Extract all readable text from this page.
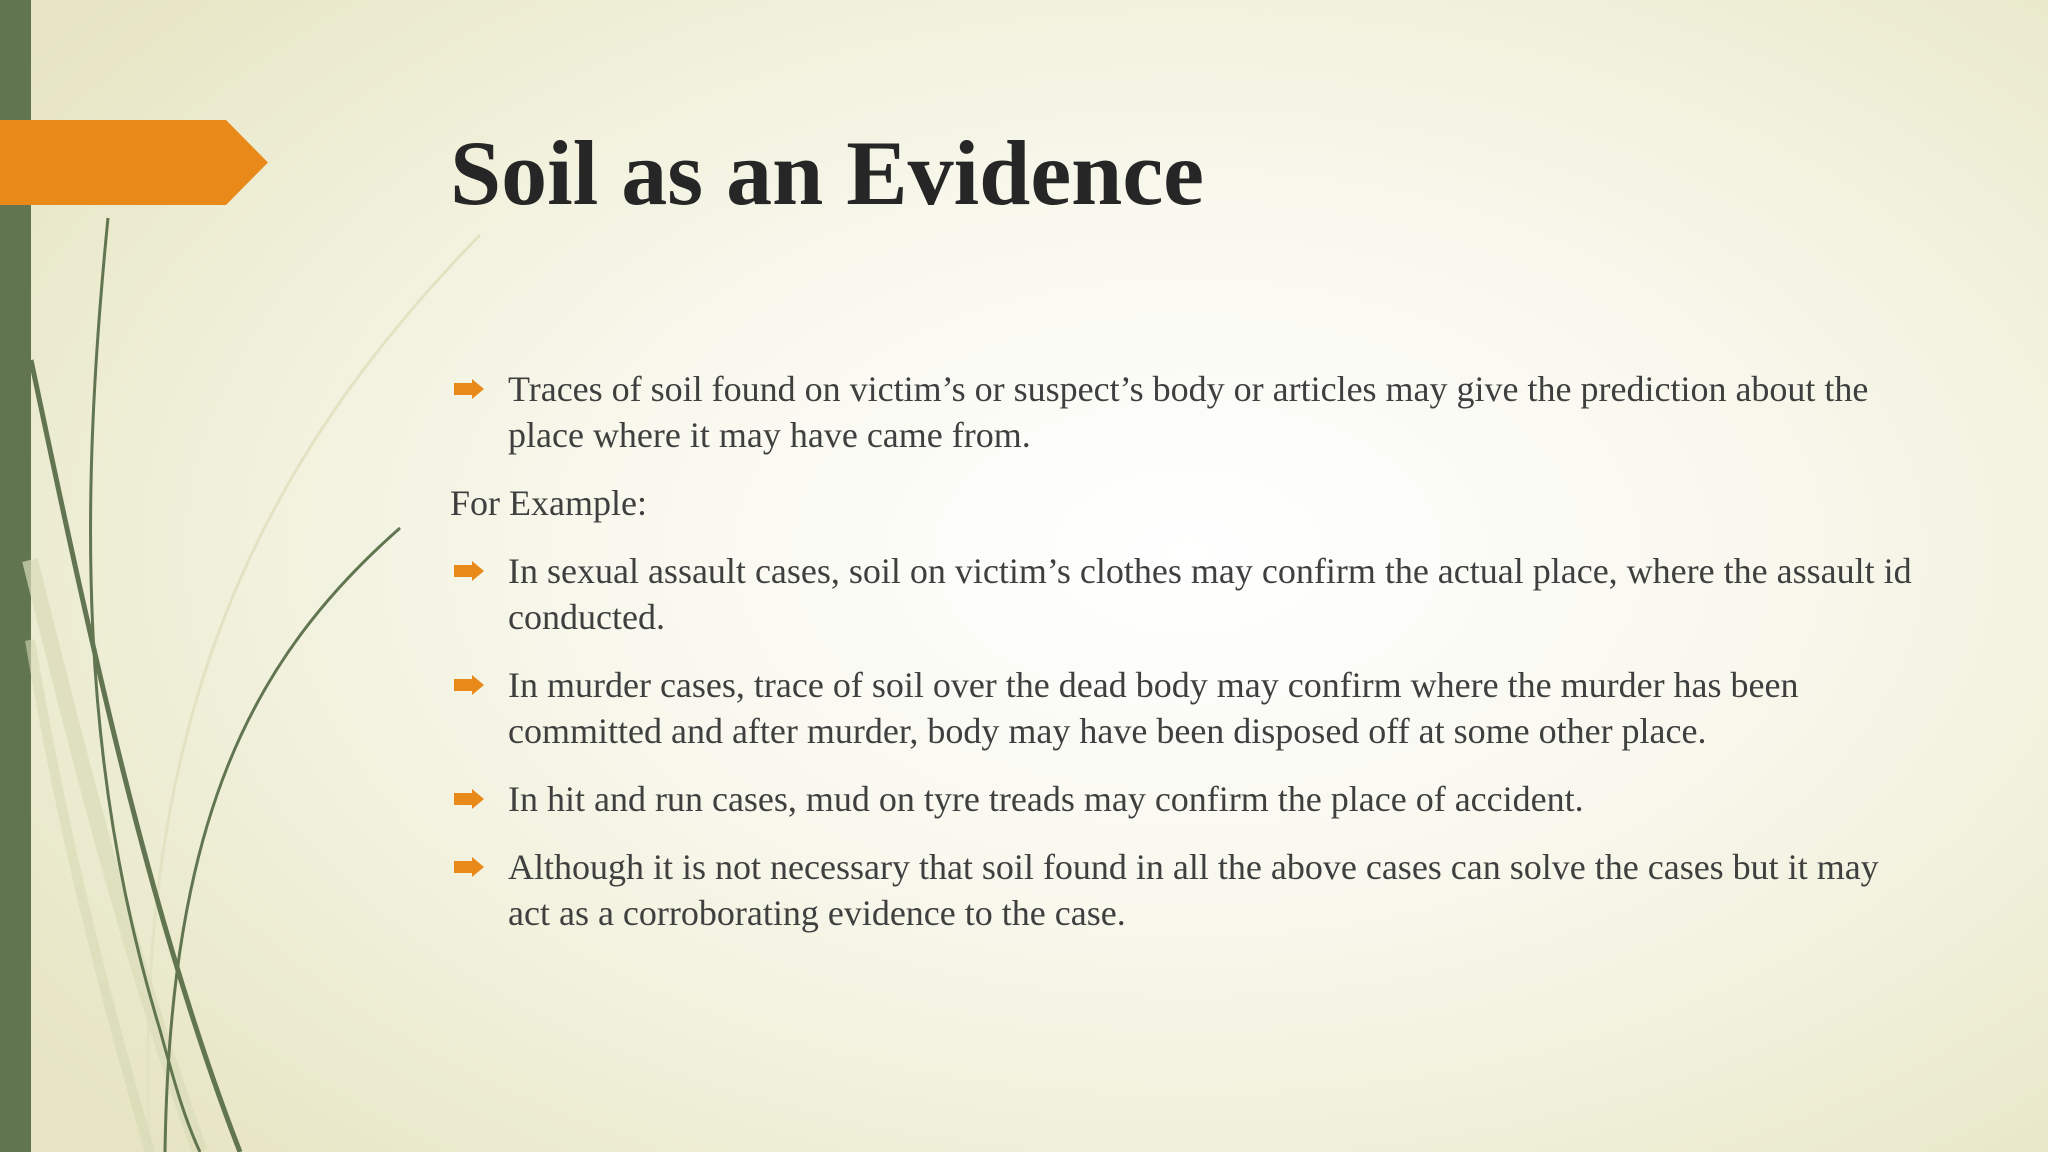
Soil as an Evidence
Traces of soil found on victim’s or suspect’s body or articles may give the prediction about the place where it may have came from.

For Example:

In sexual assault cases, soil on victim’s clothes may confirm the actual place, where the assault id conducted.
In murder cases, trace of soil over the dead body may confirm where the murder has been committed and after murder, body may have been disposed off at some other place.
In hit and run cases, mud on tyre treads may confirm the place of accident.
Although it is not necessary that soil found in all the above cases can solve the cases but it may act as a corroborating evidence to the case.
